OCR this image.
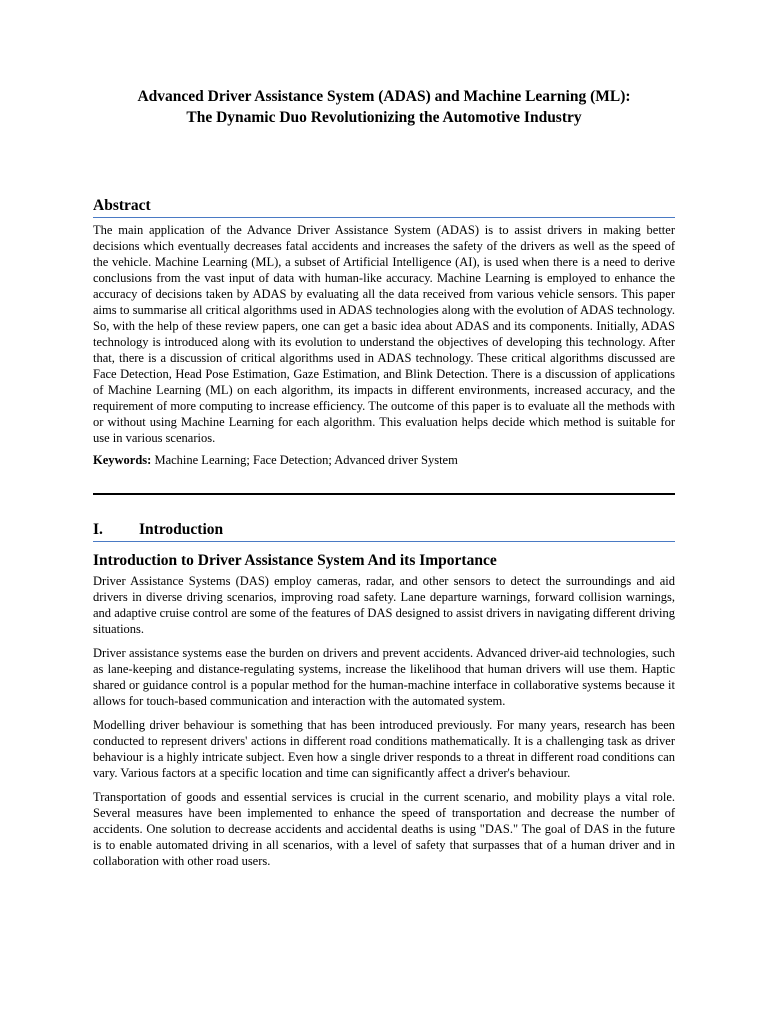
Advanced Driver Assistance System (ADAS) and Machine Learning (ML):
The Dynamic Duo Revolutionizing the Automotive Industry
Abstract

The main application of the Advance Driver Assistance System (ADAS) is to assist drivers in making better decisions which eventually decreases fatal accidents and increases the safety of the drivers as well as the speed of the vehicle. Machine Learning (ML), a subset of Artificial Intelligence (AI), is used when there is a need to derive conclusions from the vast input of data with human-like accuracy. Machine Learning is employed to enhance the accuracy of decisions taken by ADAS by evaluating all the data received from various vehicle sensors. This paper aims to summarise all critical algorithms used in ADAS technologies along with the evolution of ADAS technology. So, with the help of these review papers, one can get a basic idea about ADAS and its components. Initially, ADAS technology is introduced along with its evolution to understand the objectives of developing this technology. After that, there is a discussion of critical algorithms used in ADAS technology. These critical algorithms discussed are Face Detection, Head Pose Estimation, Gaze Estimation, and Blink Detection. There is a discussion of applications of Machine Learning (ML) on each algorithm, its impacts in different environments, increased accuracy, and the requirement of more computing to increase efficiency. The outcome of this paper is to evaluate all the methods with or without using Machine Learning for each algorithm. This evaluation helps decide which method is suitable for use in various scenarios.

Keywords: Machine Learning; Face Detection; Advanced driver System

I.	Introduction
Introduction to Driver Assistance System And its Importance

Driver Assistance Systems (DAS) employ cameras, radar, and other sensors to detect the surroundings and aid drivers in diverse driving scenarios, improving road safety. Lane departure warnings, forward collision warnings, and adaptive cruise control are some of the features of DAS designed to assist drivers in navigating different driving situations.

Driver assistance systems ease the burden on drivers and prevent accidents. Advanced driver-aid technologies, such as lane-keeping and distance-regulating systems, increase the likelihood that human drivers will use them. Haptic shared or guidance control is a popular method for the human-machine interface in collaborative systems because it allows for touch-based communication and interaction with the automated system.

Modelling driver behaviour is something that has been introduced previously. For many years, research has been conducted to represent drivers' actions in different road conditions mathematically. It is a challenging task as driver behaviour is a highly intricate subject. Even how a single driver responds to a threat in different road conditions can vary. Various factors at a specific location and time can significantly affect a driver's behaviour.

Transportation of goods and essential services is crucial in the current scenario, and mobility plays a vital role. Several measures have been implemented to enhance the speed of transportation and decrease the number of accidents. One solution to decrease accidents and accidental deaths is using "DAS." The goal of DAS in the future is to enable automated driving in all scenarios, with a level of safety that surpasses that of a human driver and in collaboration with other road users.
